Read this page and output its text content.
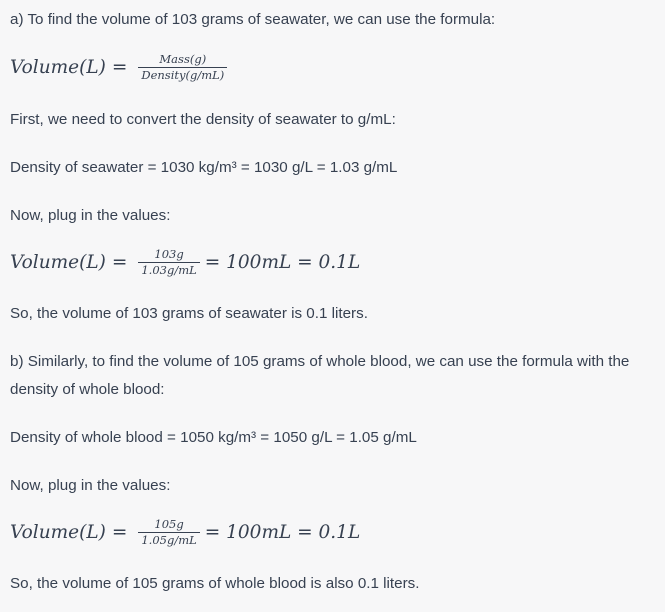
a) To find the volume of 103 grams of seawater, we can use the formula:

Volume(L) = $\frac{\text{Mass(g)}}{\text{Density(g/mL)}}$

First, we need to convert the density of seawater to g/mL:

Density of seawater = 1030 kg/m³ = 1030 g/L = 1.03 g/mL

Now, plug in the values:

Volume(L) = $\frac{103g}{1.03g/mL} = 100mL = 0.1L$

So, the volume of 103 grams of seawater is 0.1 liters.

b) Similarly, to find the volume of 105 grams of whole blood, we can use the formula with the density of whole blood:

Density of whole blood = 1050 kg/m³ = 1050 g/L = 1.05 g/mL

Now, plug in the values:

Volume(L) = $\frac{105g}{1.05g/mL} = 100mL = 0.1L$

So, the volume of 105 grams of whole blood is also 0.1 liters.
